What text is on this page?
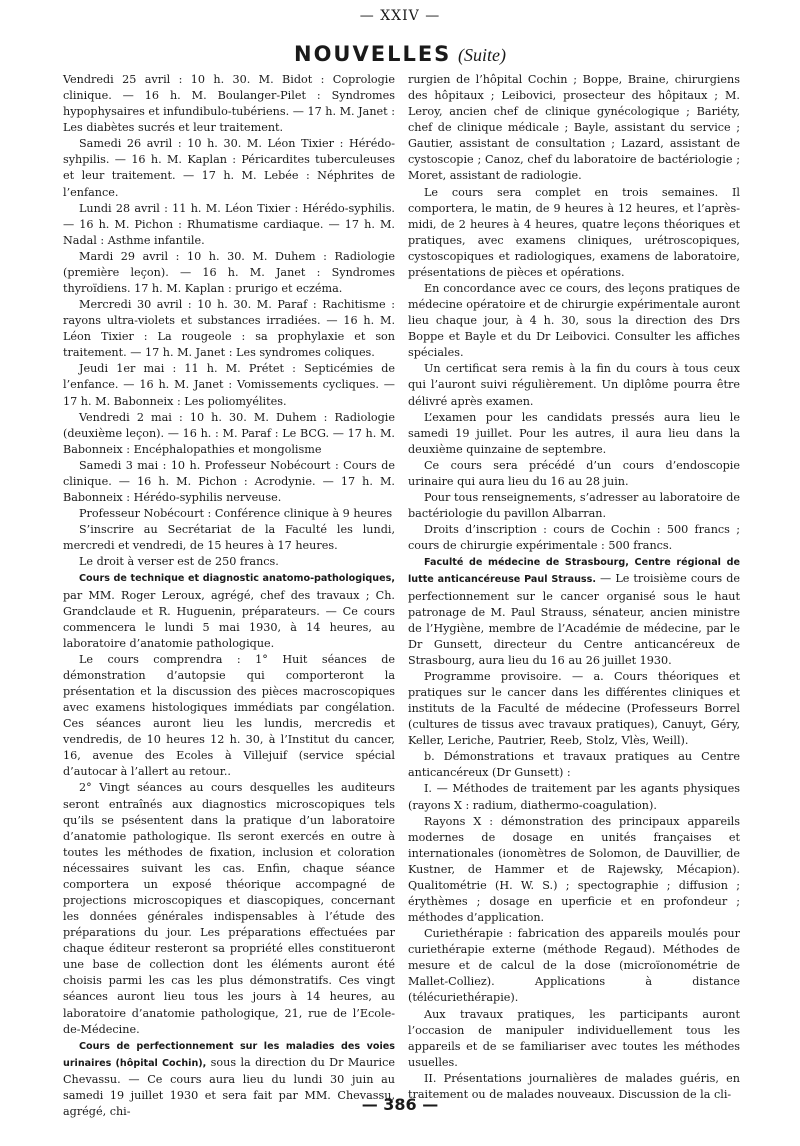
— XXIV —
NOUVELLES (Suite)

Vendredi 25 avril : 10 h. 30. M. Bidot : Coprologie clinique. — 16 h. M. Boulanger-Pilet : Syndromes hypophysaires et infundibulo-tubériens. — 17 h. M. Janet : Les diabètes sucrés et leur traitement.

Samedi 26 avril : 10 h. 30. M. Léon Tixier : Hérédo-syhpilis. — 16 h. M. Kaplan : Péricardites tuberculeuses et leur traitement. — 17 h. M. Lebée : Néphrites de l’enfance.

Lundi 28 avril : 11 h. M. Léon Tixier : Hérédo-syphilis. — 16 h. M. Pichon : Rhumatisme cardiaque. — 17 h. M. Nadal : Asthme infantile.

Mardi 29 avril : 10 h. 30. M. Duhem : Radiologie (première leçon). — 16 h. M. Janet : Syndromes thyroïdiens. 17 h. M. Kaplan : prurigo et eczéma.

Mercredi 30 avril : 10 h. 30. M. Paraf : Rachitisme : rayons ultra-violets et substances irradiées. — 16 h. M. Léon Tixier : La rougeole : sa prophylaxie et son traitement. — 17 h. M. Janet : Les syndromes coliques.

Jeudi 1er mai : 11 h. M. Prétet : Septicémies de l’enfance. — 16 h. M. Janet : Vomissements cycliques. — 17 h. M. Babonneix : Les poliomyélites.

Vendredi 2 mai : 10 h. 30. M. Duhem : Radiologie (deuxième leçon). — 16 h. : M. Paraf : Le BCG. — 17 h. M. Babonneix : Encéphalopathies et mongolisme

Samedi 3 mai : 10 h. Professeur Nobécourt : Cours de clinique. — 16 h. M. Pichon : Acrodynie. — 17 h. M. Babonneix : Hérédo-syphilis nerveuse.

Professeur Nobécourt : Conférence clinique à 9 heures

S’inscrire au Secrétariat de la Faculté les lundi, mercredi et vendredi, de 15 heures à 17 heures.

Le droit à verser est de 250 francs.

Cours de technique et diagnostic anatomo-pathologiques, par MM. Roger Leroux, agrégé, chef des travaux ; Ch. Grandclaude et R. Huguenin, préparateurs. — Ce cours commencera le lundi 5 mai 1930, à 14 heures, au laboratoire d’anatomie pathologique.

Le cours comprendra : 1° Huit séances de démonstration d’autopsie qui comporteront la présentation et la discussion des pièces macroscopiques avec examens histologiques immédiats par congélation. Ces séances auront lieu les lundis, mercredis et vendredis, de 10 heures 12 h. 30, à l’Institut du cancer, 16, avenue des Ecoles à Villejuif (service spécial d’autocar à l’allert au retour..

2° Vingt séances au cours desquelles les auditeurs seront entraînés aux diagnostics microscopiques tels qu’ils se psésentent dans la pratique d’un laboratoire d’anatomie pathologique. Ils seront exercés en outre à toutes les méthodes de fixation, inclusion et coloration nécessaires suivant les cas. Enfin, chaque séance comportera un exposé théorique accompagné de projections microscopiques et diascopiques, concernant les données générales indispensables à l’étude des préparations du jour. Les préparations effectuées par chaque éditeur resteront sa propriété elles constitueront une base de collection dont les éléments auront été choisis parmi les cas les plus démonstratifs. Ces vingt séances auront lieu tous les jours à 14 heures, au laboratoire d’anatomie pathologique, 21, rue de l’Ecole-de-Médecine.

Cours de perfectionnement sur les maladies des voies urinaires (hôpital Cochin), sous la direction du Dr Maurice Chevassu. — Ce cours aura lieu du lundi 30 juin au samedi 19 juillet 1930 et sera fait par MM. Chevassu, agrégé, chi-

rurgien de l’hôpital Cochin ; Boppe, Braine, chirurgiens des hôpitaux ; Leibovici, prosecteur des hôpitaux ; M. Leroy, ancien chef de clinique gynécologique ; Bariéty, chef de clinique médicale ; Bayle, assistant du service ; Gautier, assistant de consultation ; Lazard, assistant de cystoscopie ; Canoz, chef du laboratoire de bactériologie ; Moret, assistant de radiologie.

Le cours sera complet en trois semaines. Il comportera, le matin, de 9 heures à 12 heures, et l’après-midi, de 2 heures à 4 heures, quatre leçons théoriques et pratiques, avec examens cliniques, urétroscopiques, cystoscopiques et radiologiques, examens de laboratoire, présentations de pièces et opérations.

En concordance avec ce cours, des leçons pratiques de médecine opératoire et de chirurgie expérimentale auront lieu chaque jour, à 4 h. 30, sous la direction des Drs Boppe et Bayle et du Dr Leibovici. Consulter les affiches spéciales.

Un certificat sera remis à la fin du cours à tous ceux qui l’auront suivi régulièrement. Un diplôme pourra être délivré après examen.

L’examen pour les candidats pressés aura lieu le samedi 19 juillet. Pour les autres, il aura lieu dans la deuxième quinzaine de septembre.

Ce cours sera précédé d’un cours d’endoscopie urinaire qui aura lieu du 16 au 28 juin.

Pour tous renseignements, s’adresser au laboratoire de bactériologie du pavillon Albarran.

Droits d’inscription : cours de Cochin : 500 francs ; cours de chirurgie expérimentale : 500 francs.

Faculté de médecine de Strasbourg, Centre régional de lutte anticancéreuse Paul Strauss. — Le troisième cours de perfectionnement sur le cancer organisé sous le haut patronage de M. Paul Strauss, sénateur, ancien ministre de l’Hygiène, membre de l’Académie de médecine, par le Dr Gunsett, directeur du Centre anticancéreux de Strasbourg, aura lieu du 16 au 26 juillet 1930.

Programme provisoire. — a. Cours théoriques et pratiques sur le cancer dans les différentes cliniques et instituts de la Faculté de médecine (Professeurs Borrel (cultures de tissus avec travaux pratiques), Canuyt, Géry, Keller, Leriche, Pautrier, Reeb, Stolz, Vlès, Weill).

b. Démonstrations et travaux pratiques au Centre anticancéreux (Dr Gunsett) :

I. — Méthodes de traitement par les agants physiques (rayons X : radium, diathermo-coagulation).

Rayons X : démonstration des principaux appareils modernes de dosage en unités françaises et internationales (ionomètres de Solomon, de Dauvillier, de Kustner, de Hammer et de Rajewsky, Mécapion). Qualitométrie (H. W. S.) ; spectographie ; diffusion ; érythèmes ; dosage en uperficie et en profondeur ; méthodes d’application.

Curiethérapie : fabrication des appareils moulés pour curiethérapie externe (méthode Regaud). Méthodes de mesure et de calcul de la dose (microïonométrie de Mallet-Colliez). Applications à distance (télécuriethérapie).

Aux travaux pratiques, les participants auront l’occasion de manipuler individuellement tous les appareils et de se familiariser avec toutes les méthodes usuelles.

II. Présentations journalières de malades guéris, en traitement ou de malades nouveaux. Discussion de la cli-

— 386 —
